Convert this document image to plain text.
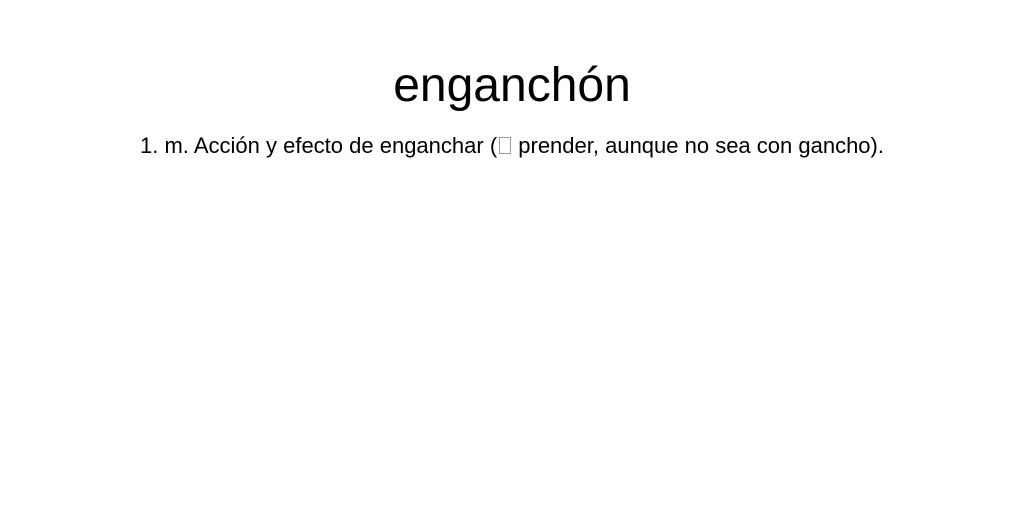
enganchón
1. m. Acción y efecto de enganchar ( prender, aunque no sea con gancho).
